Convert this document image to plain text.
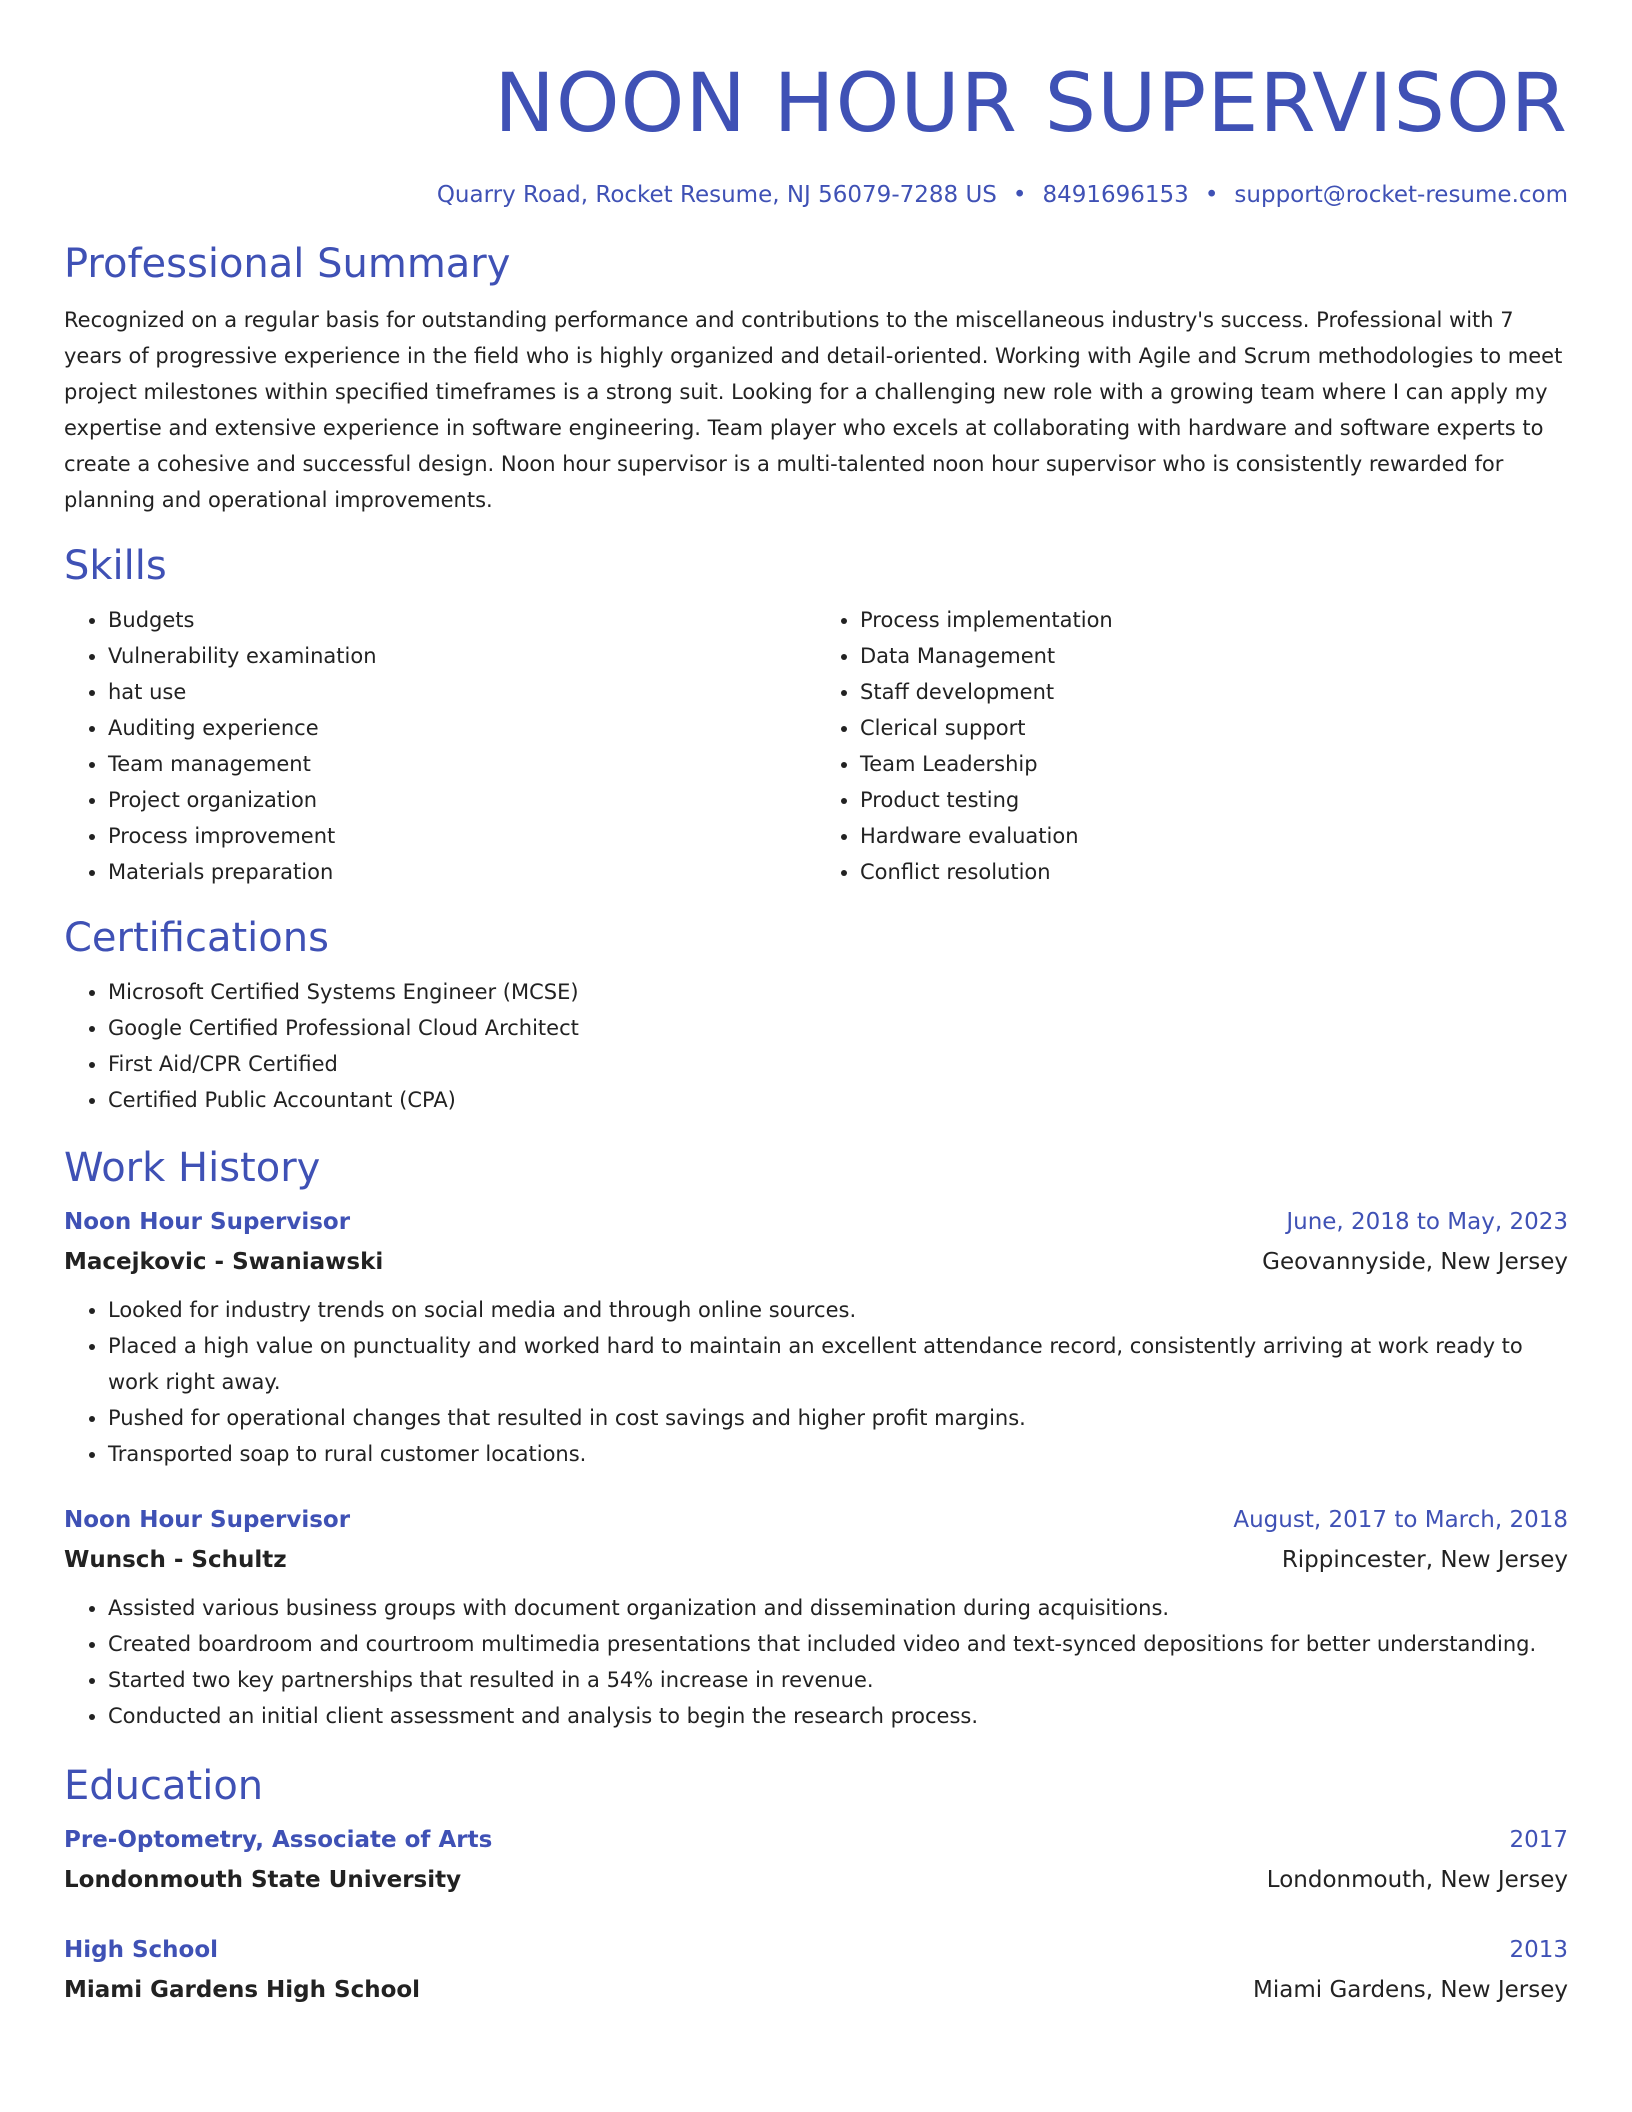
NOON HOUR SUPERVISOR
Quarry Road, Rocket Resume, NJ 56079-7288 US • 8491696153 • support@rocket-resume.com
Professional Summary

Recognized on a regular basis for outstanding performance and contributions to the miscellaneous industry's success. Professional with 7 years of progressive experience in the field who is highly organized and detail-oriented. Working with Agile and Scrum methodologies to meet project milestones within specified timeframes is a strong suit. Looking for a challenging new role with a growing team where I can apply my expertise and extensive experience in software engineering. Team player who excels at collaborating with hardware and software experts to create a cohesive and successful design. Noon hour supervisor is a multi-talented noon hour supervisor who is consistently rewarded for planning and operational improvements.

Skills
• Budgets
• Vulnerability examination
• hat use
• Auditing experience
• Team management
• Project organization
• Process improvement
• Materials preparation
• Process implementation
• Data Management
• Staff development
• Clerical support
• Team Leadership
• Product testing
• Hardware evaluation
• Conflict resolution
Certifications
• Microsoft Certified Systems Engineer (MCSE)
• Google Certified Professional Cloud Architect
• First Aid/CPR Certified
• Certified Public Accountant (CPA)
Work History
Noon Hour Supervisor	June, 2018 to May, 2023
Macejkovic - Swaniawski	Geovannyside, New Jersey
• Looked for industry trends on social media and through online sources.
• Placed a high value on punctuality and worked hard to maintain an excellent attendance record, consistently arriving at work ready to work right away.
• Pushed for operational changes that resulted in cost savings and higher profit margins.
• Transported soap to rural customer locations.
Noon Hour Supervisor	August, 2017 to March, 2018
Wunsch - Schultz	Rippincester, New Jersey
• Assisted various business groups with document organization and dissemination during acquisitions.
• Created boardroom and courtroom multimedia presentations that included video and text-synced depositions for better understanding.
• Started two key partnerships that resulted in a 54% increase in revenue.
• Conducted an initial client assessment and analysis to begin the research process.
Education
Pre-Optometry, Associate of Arts	2017
Londonmouth State University	Londonmouth, New Jersey
High School	2013
Miami Gardens High School	Miami Gardens, New Jersey
